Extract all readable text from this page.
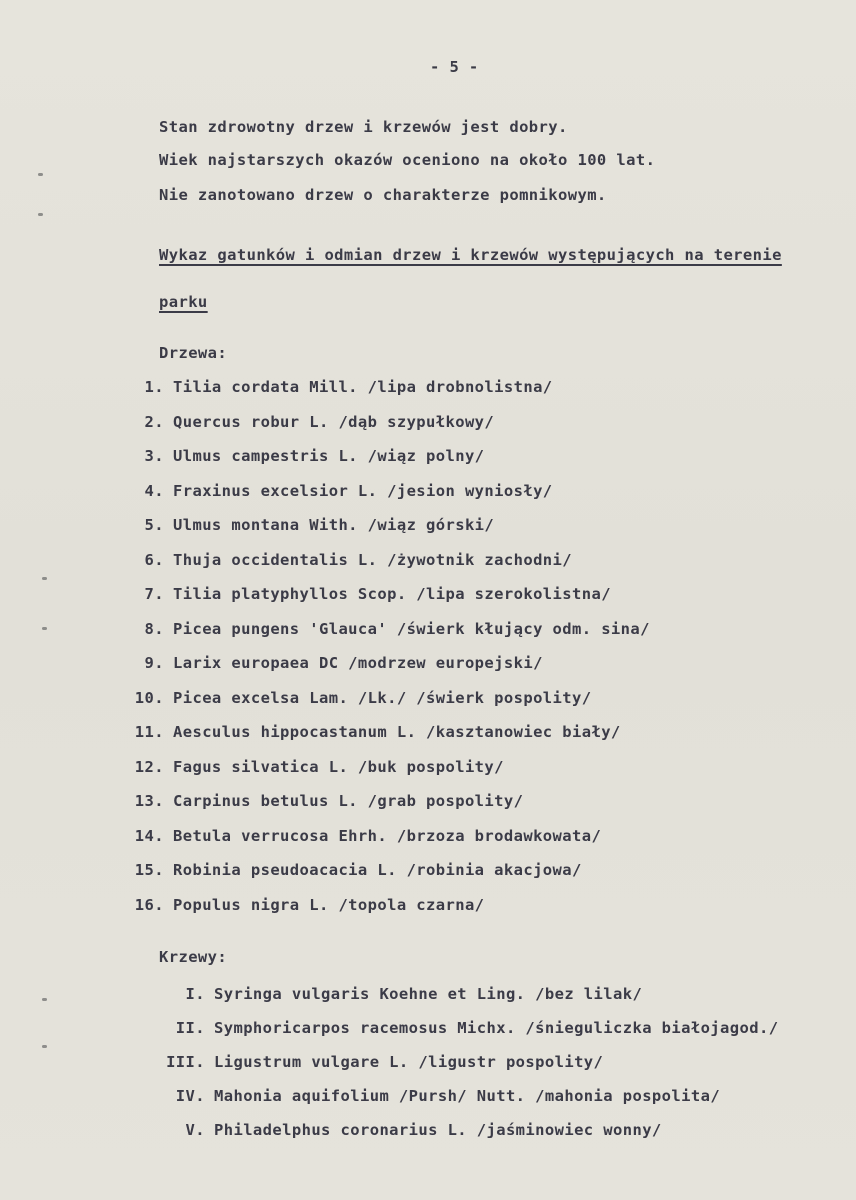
- 5 -
Stan zdrowotny drzew i krzewów jest dobry.
Wiek najstarszych okazów oceniono na około 100 lat.
Nie zanotowano drzew o charakterze pomnikowym.
Wykaz gatunków i odmian drzew i krzewów występujących na terenie
parku
Drzewa:
1. Tilia cordata Mill. /lipa drobnolistna/
2. Quercus robur L. /dąb szypułkowy/
3. Ulmus campestris L. /wiąz polny/
4. Fraxinus excelsior L. /jesion wyniosły/
5. Ulmus montana With. /wiąz górski/
6. Thuja occidentalis L. /żywotnik zachodni/
7. Tilia platyphyllos Scop. /lipa szerokolistna/
8. Picea pungens 'Glauca' /świerk kłujący odm. sina/
9. Larix europaea DC /modrzew europejski/
10. Picea excelsa Lam. /Lk./ /świerk pospolity/
11. Aesculus hippocastanum L. /kasztanowiec biały/
12. Fagus silvatica L. /buk pospolity/
13. Carpinus betulus L. /grab pospolity/
14. Betula verrucosa Ehrh. /brzoza brodawkowata/
15. Robinia pseudoacacia L. /robinia akacjowa/
16. Populus nigra L. /topola czarna/
Krzewy:
I. Syringa vulgaris Koehne et Ling. /bez lilak/
II. Symphoricarpos racemosus Michx. /śnieguliczka białojagod./
III. Ligustrum vulgare L. /ligustr pospolity/
IV. Mahonia aquifolium /Pursh/ Nutt. /mahonia pospolita/
V. Philadelphus coronarius L. /jaśminowiec wonny/
